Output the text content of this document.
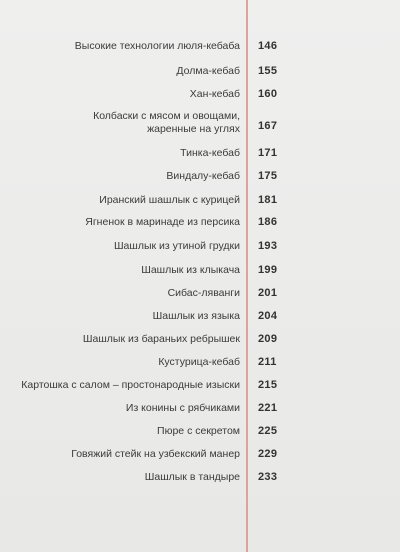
Высокие технологии люля-кебаба 146
Долма-кебаб 155
Хан-кебаб 160
Колбаски с мясом и овощами, жаренные на углях 167
Тинка-кебаб 171
Виндалу-кебаб 175
Иранский шашлык с курицей 181
Ягненок в маринаде из персика 186
Шашлык из утиной грудки 193
Шашлык из клыкача 199
Сибас-ляванги 201
Шашлык из языка 204
Шашлык из бараньих ребрышек 209
Кустурица-кебаб 211
Картошка с салом – простонародные изыски 215
Из конины с рябчиками 221
Пюре с секретом 225
Говяжий стейк на узбекский манер 229
Шашлык в тандыре 233
